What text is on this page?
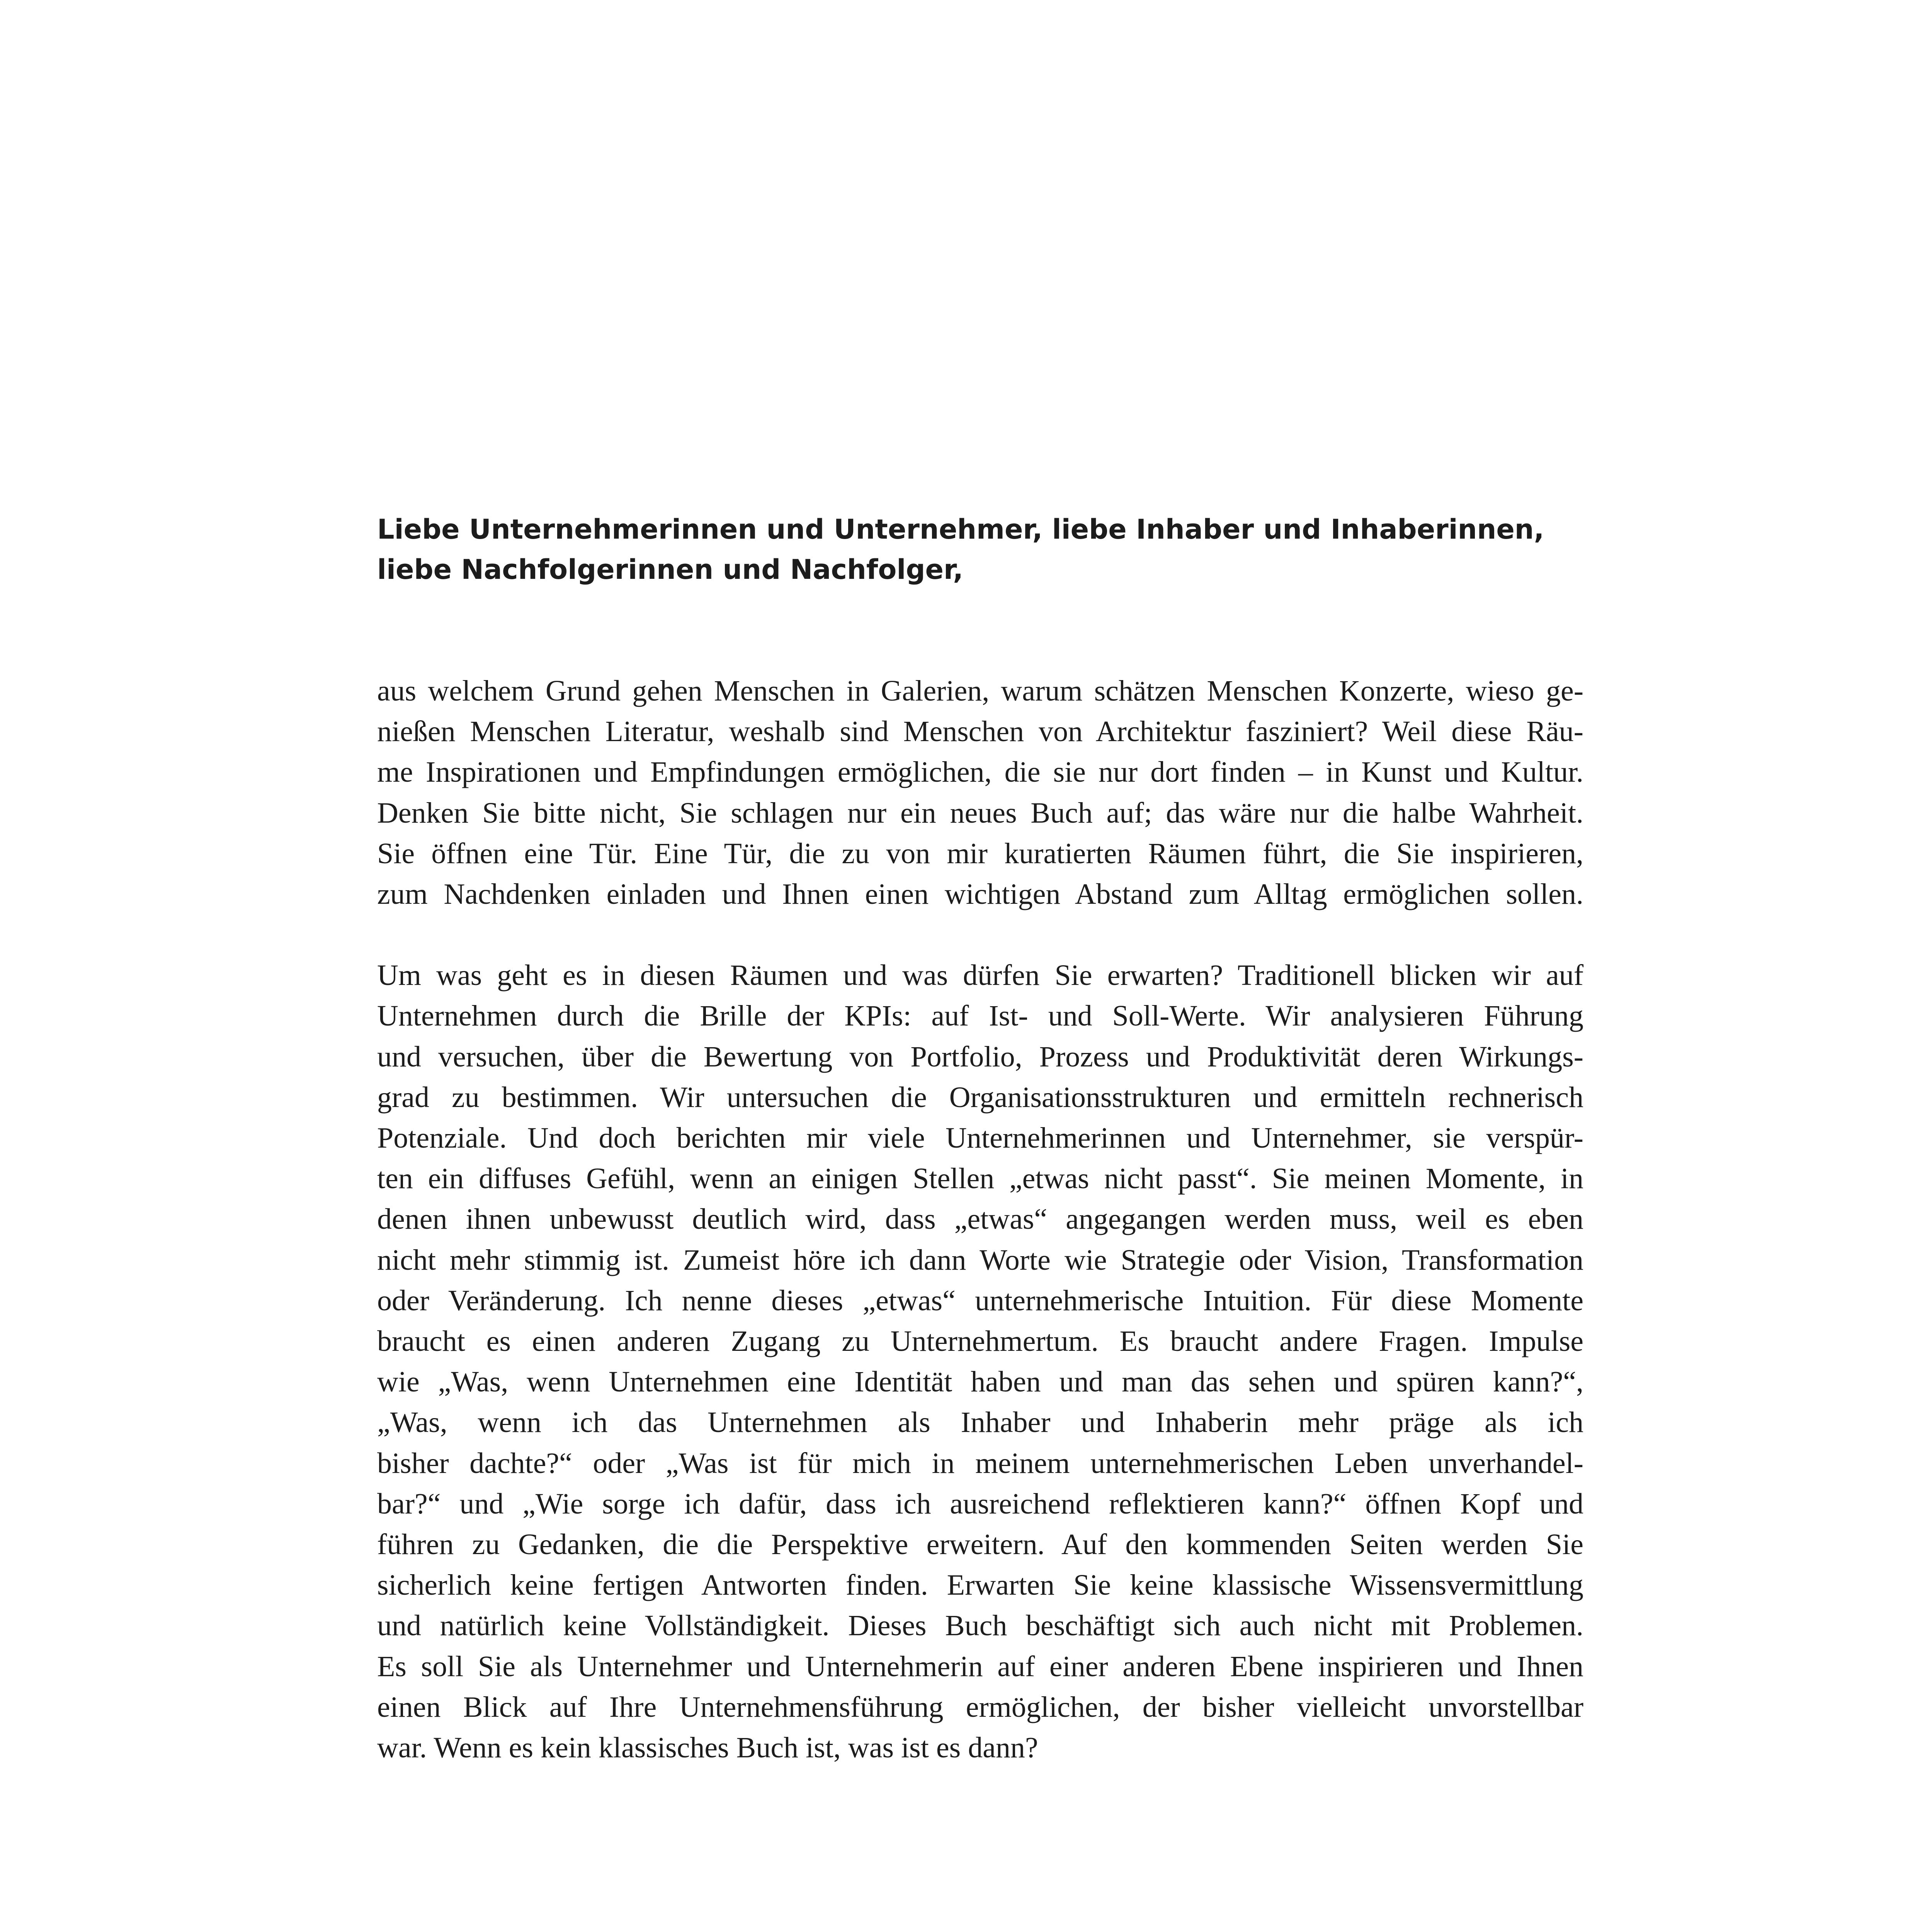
Liebe Unternehmerinnen und Unternehmer, liebe Inhaber und Inhaberinnen,
liebe Nachfolgerinnen und Nachfolger,

aus welchem Grund gehen Menschen in Galerien, warum schätzen Menschen Konzerte, wieso ge-
nießen Menschen Literatur, weshalb sind Menschen von Architektur fasziniert? Weil diese Räu-
me Inspirationen und Empfindungen ermöglichen, die sie nur dort finden – in Kunst und Kultur.
Denken Sie bitte nicht, Sie schlagen nur ein neues Buch auf; das wäre nur die halbe Wahrheit.
Sie öffnen eine Tür. Eine Tür, die zu von mir kuratierten Räumen führt, die Sie inspirieren,
zum Nachdenken einladen und Ihnen einen wichtigen Abstand zum Alltag ermöglichen sollen.

Um was geht es in diesen Räumen und was dürfen Sie erwarten? Traditionell blicken wir auf
Unternehmen durch die Brille der KPIs: auf Ist- und Soll-Werte. Wir analysieren Führung
und versuchen, über die Bewertung von Portfolio, Prozess und Produktivität deren Wirkungs-
grad zu bestimmen. Wir untersuchen die Organisationsstrukturen und ermitteln rechnerisch
Potenziale. Und doch berichten mir viele Unternehmerinnen und Unternehmer, sie verspür-
ten ein diffuses Gefühl, wenn an einigen Stellen „etwas nicht passt“. Sie meinen Momente, in
denen ihnen unbewusst deutlich wird, dass „etwas“ angegangen werden muss, weil es eben
nicht mehr stimmig ist. Zumeist höre ich dann Worte wie Strategie oder Vision, Transformation
oder Veränderung. Ich nenne dieses „etwas“ unternehmerische Intuition. Für diese Momente
braucht es einen anderen Zugang zu Unternehmertum. Es braucht andere Fragen. Impulse
wie „Was, wenn Unternehmen eine Identität haben und man das sehen und spüren kann?“,
„Was, wenn ich das Unternehmen als Inhaber und Inhaberin mehr präge als ich
bisher dachte?“ oder „Was ist für mich in meinem unternehmerischen Leben unverhandel-
bar?“ und „Wie sorge ich dafür, dass ich ausreichend reflektieren kann?“ öffnen Kopf und
führen zu Gedanken, die die Perspektive erweitern. Auf den kommenden Seiten werden Sie
sicherlich keine fertigen Antworten finden. Erwarten Sie keine klassische Wissensvermittlung
und natürlich keine Vollständigkeit. Dieses Buch beschäftigt sich auch nicht mit Problemen.
Es soll Sie als Unternehmer und Unternehmerin auf einer anderen Ebene inspirieren und Ihnen
einen Blick auf Ihre Unternehmensführung ermöglichen, der bisher vielleicht unvorstellbar
war. Wenn es kein klassisches Buch ist, was ist es dann?
